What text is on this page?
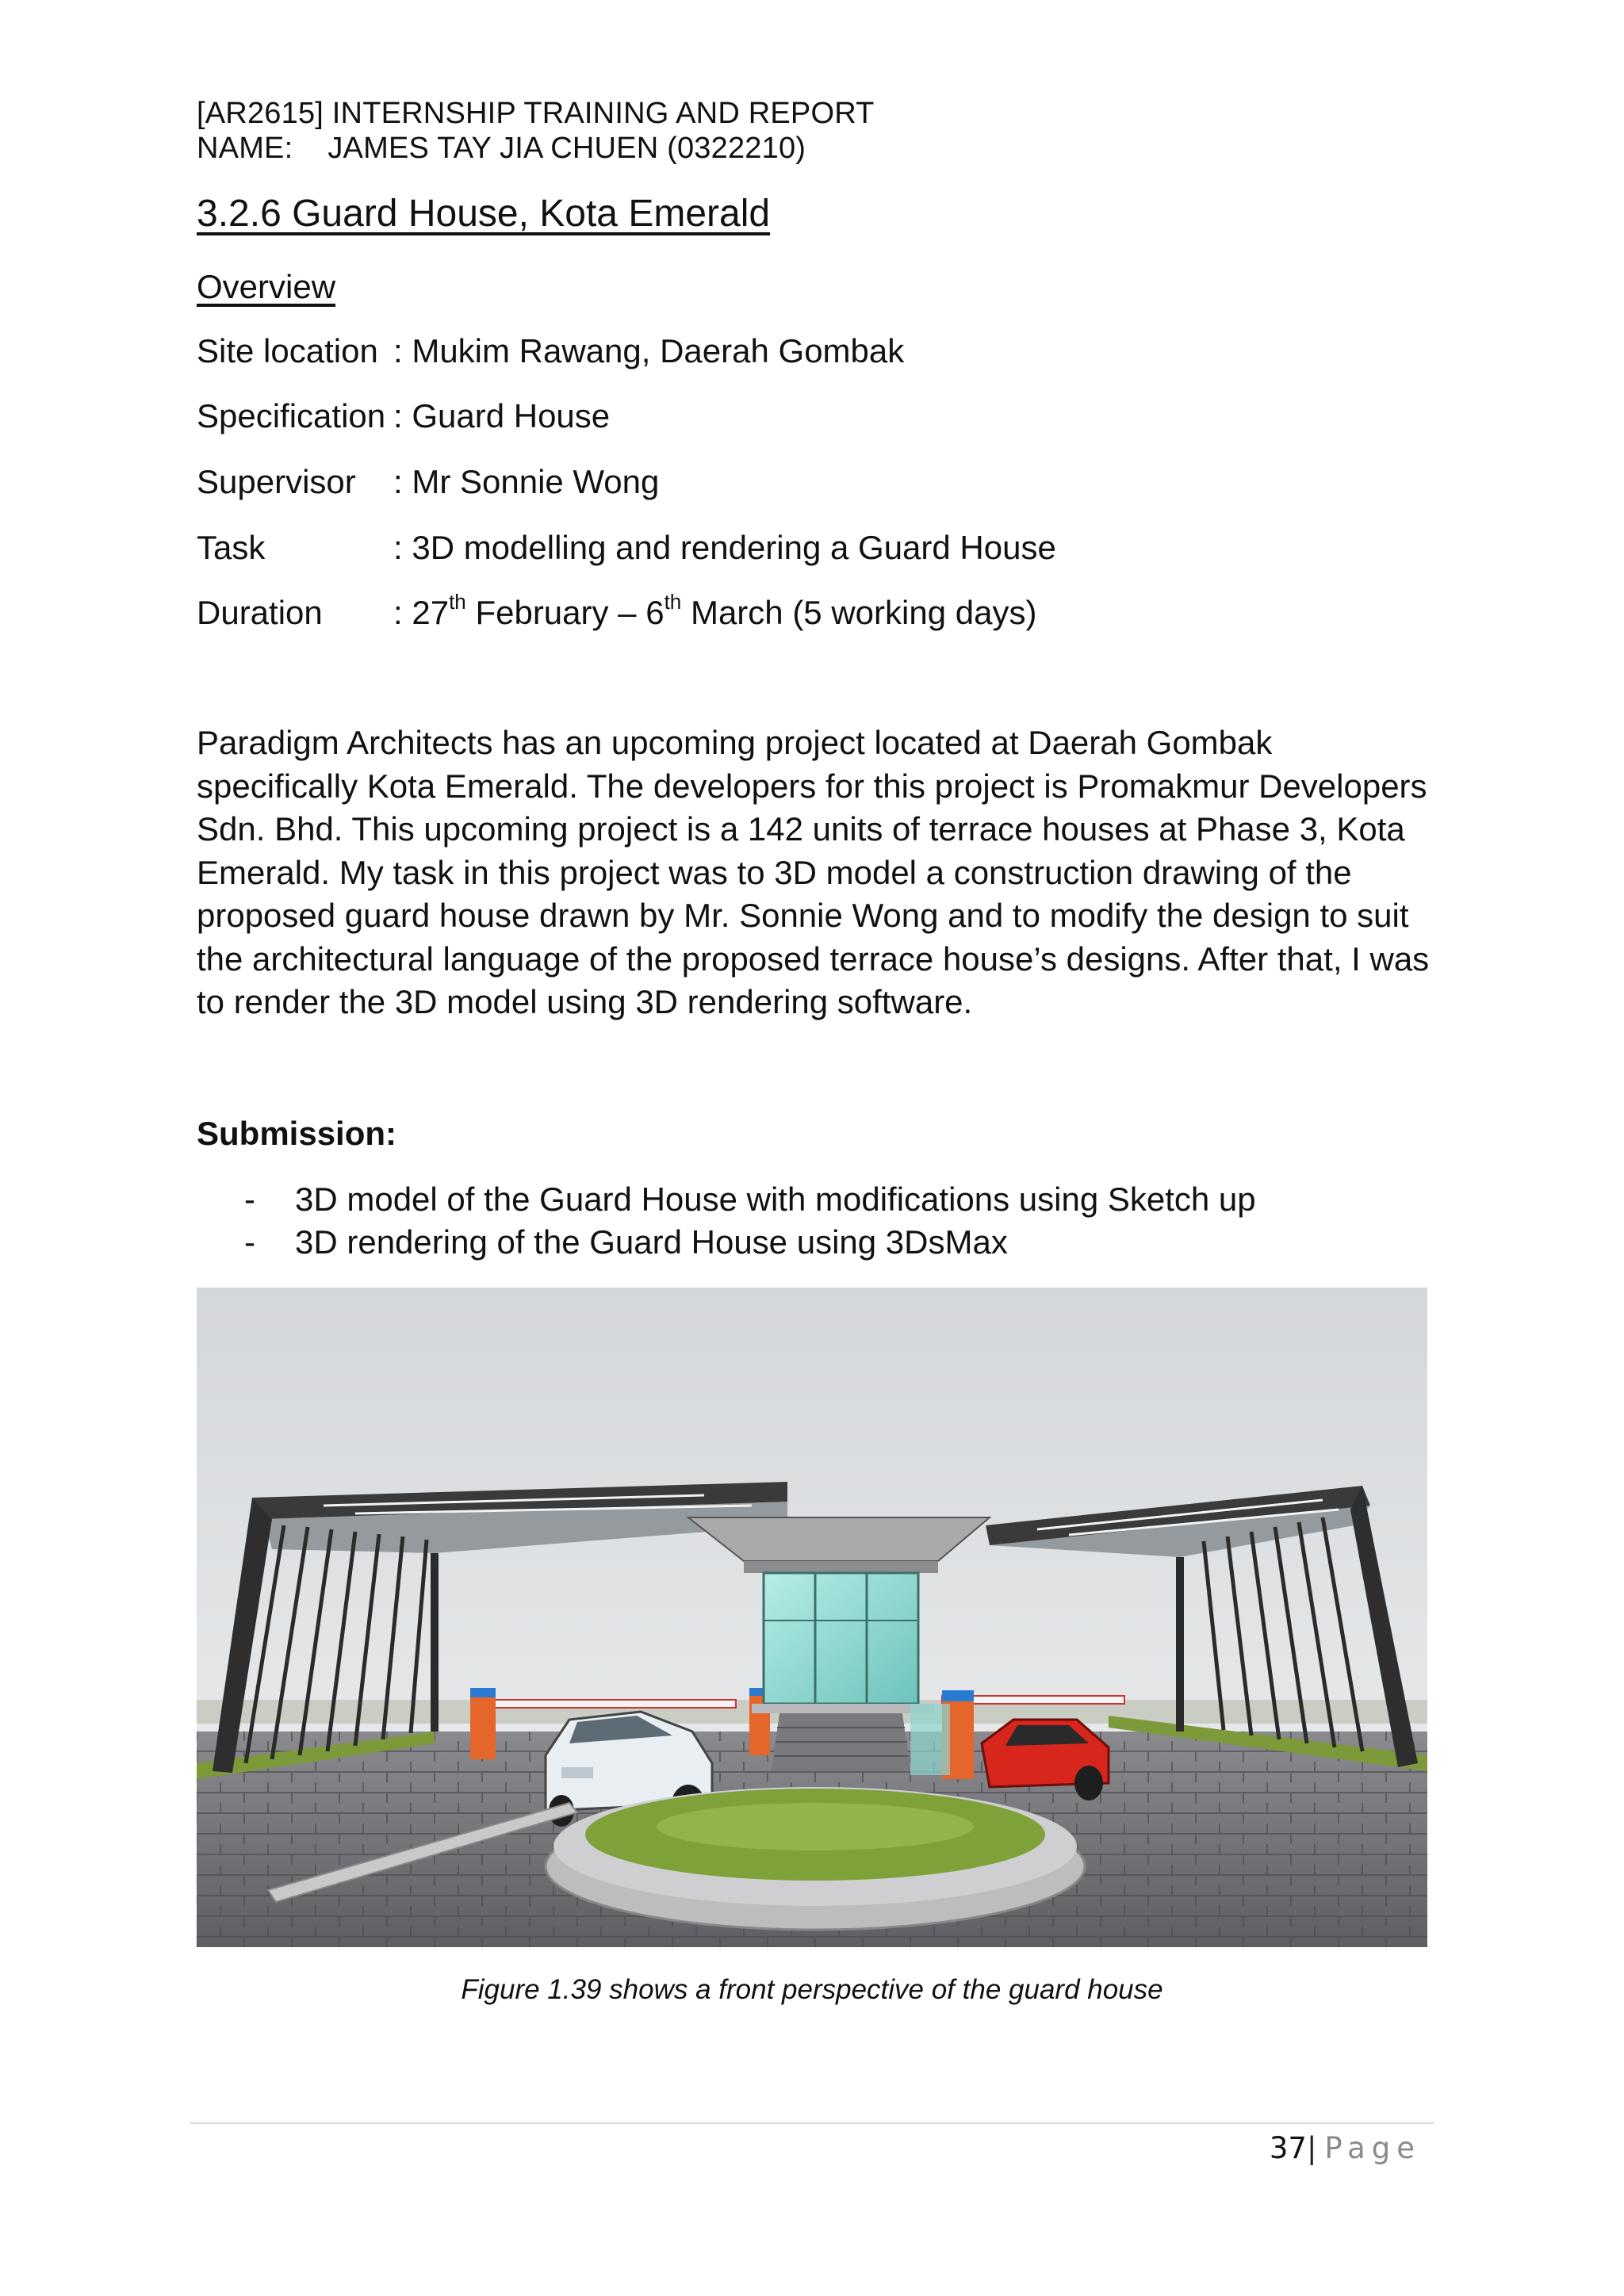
[AR2615] INTERNSHIP TRAINING AND REPORT
NAME: JAMES TAY JIA CHUEN (0322210)
3.2.6 Guard House, Kota Emerald
Overview
Site location : Mukim Rawang, Daerah Gombak
Specification : Guard House
Supervisor : Mr Sonnie Wong
Task	: 3D modelling and rendering a Guard House
Duration : 27th February – 6th March (5 working days)

Paradigm Architects has an upcoming project located at Daerah Gombak specifically Kota Emerald. The developers for this project is Promakmur Developers Sdn. Bhd. This upcoming project is a 142 units of terrace houses at Phase 3, Kota Emerald. My task in this project was to 3D model a construction drawing of the proposed guard house drawn by Mr. Sonnie Wong and to modify the design to suit the architectural language of the proposed terrace house’s designs. After that, I was to render the 3D model using 3D rendering software.

Submission:
- 3D model of the Guard House with modifications using Sketch up
- 3D rendering of the Guard House using 3DsMax
Figure 1.39 shows a front perspective of the guard house
37| Page
